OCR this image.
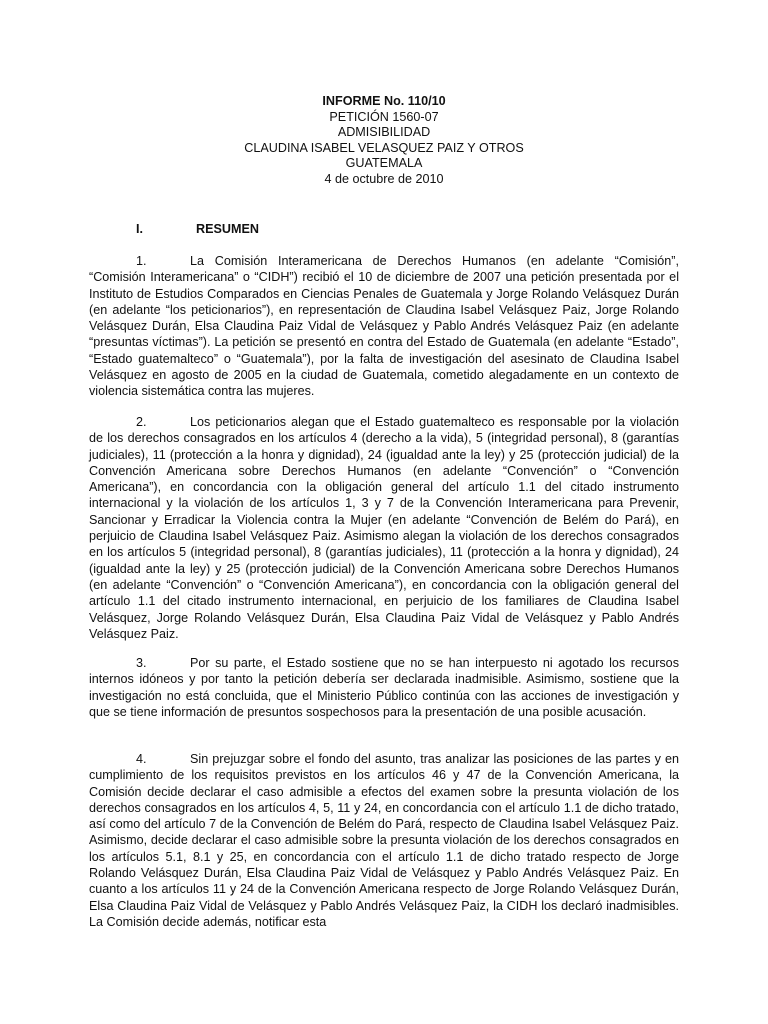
INFORME No. 110/10
PETICIÓN 1560-07
ADMISIBILIDAD
CLAUDINA ISABEL VELASQUEZ PAIZ Y OTROS
GUATEMALA
4 de octubre de 2010
I.	RESUMEN

1.	La Comisión Interamericana de Derechos Humanos (en adelante “Comisión”, “Comisión Interamericana” o “CIDH”) recibió el 10 de diciembre de 2007 una petición presentada por el Instituto de Estudios Comparados en Ciencias Penales de Guatemala y Jorge Rolando Velásquez Durán (en adelante “los peticionarios”), en representación de Claudina Isabel Velásquez Paiz, Jorge Rolando Velásquez Durán, Elsa Claudina Paiz Vidal de Velásquez y Pablo Andrés Velásquez Paiz (en adelante “presuntas víctimas”). La petición se presentó en contra del Estado de Guatemala (en adelante “Estado”, “Estado guatemalteco” o “Guatemala”), por la falta de investigación del asesinato de Claudina Isabel Velásquez en agosto de 2005 en la ciudad de Guatemala, cometido alegadamente en un contexto de violencia sistemática contra las mujeres.

2.	Los peticionarios alegan que el Estado guatemalteco es responsable por la violación de los derechos consagrados en los artículos 4 (derecho a la vida), 5 (integridad personal), 8 (garantías judiciales), 11 (protección a la honra y dignidad), 24 (igualdad ante la ley) y 25 (protección judicial) de la Convención Americana sobre Derechos Humanos (en adelante “Convención” o “Convención Americana”), en concordancia con la obligación general del artículo 1.1 del citado instrumento internacional y la violación de los artículos 1, 3 y 7 de la Convención Interamericana para Prevenir, Sancionar y Erradicar la Violencia contra la Mujer (en adelante “Convención de Belém do Pará), en perjuicio de Claudina Isabel Velásquez Paiz. Asimismo alegan la violación de los derechos consagrados en los artículos 5 (integridad personal), 8 (garantías judiciales), 11 (protección a la honra y dignidad), 24 (igualdad ante la ley) y 25 (protección judicial) de la Convención Americana sobre Derechos Humanos (en adelante “Convención” o “Convención Americana”), en concordancia con la obligación general del artículo 1.1 del citado instrumento internacional, en perjuicio de los familiares de Claudina Isabel Velásquez, Jorge Rolando Velásquez Durán, Elsa Claudina Paiz Vidal de Velásquez y Pablo Andrés Velásquez Paiz.

3.	Por su parte, el Estado sostiene que no se han interpuesto ni agotado los recursos internos idóneos y por tanto la petición debería ser declarada inadmisible. Asimismo, sostiene que la investigación no está concluida, que el Ministerio Público continúa con las acciones de investigación y que se tiene información de presuntos sospechosos para la presentación de una posible acusación.

4.	Sin prejuzgar sobre el fondo del asunto, tras analizar las posiciones de las partes y en cumplimiento de los requisitos previstos en los artículos 46 y 47 de la Convención Americana, la Comisión decide declarar el caso admisible a efectos del examen sobre la presunta violación de los derechos consagrados en los artículos 4, 5, 11 y 24, en concordancia con el artículo 1.1 de dicho tratado, así como del artículo 7 de la Convención de Belém do Pará, respecto de Claudina Isabel Velásquez Paiz. Asimismo, decide declarar el caso admisible sobre la presunta violación de los derechos consagrados en los artículos 5.1, 8.1 y 25, en concordancia con el artículo 1.1 de dicho tratado respecto de Jorge Rolando Velásquez Durán, Elsa Claudina Paiz Vidal de Velásquez y Pablo Andrés Velásquez Paiz. En cuanto a los artículos 11 y 24 de la Convención Americana respecto de Jorge Rolando Velásquez Durán, Elsa Claudina Paiz Vidal de Velásquez y Pablo Andrés Velásquez Paiz, la CIDH los declaró inadmisibles. La Comisión decide además, notificar esta
